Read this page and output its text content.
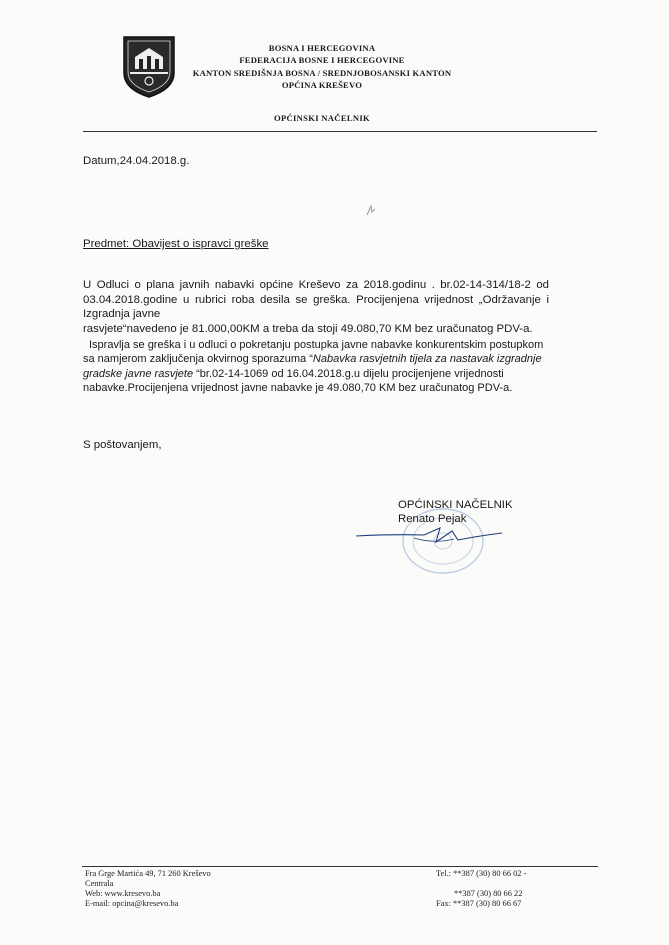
BOSNA I HERCEGOVINA
FEDERACIJA BOSNE I HERCEGOVINE
KANTON SREDIŠNJA BOSNA / SREDNJOBOSANSKI KANTON
OPĆINA KREŠEVO
OPĆINSKI NAČELNIK
Datum,24.04.2018.g.
Predmet: Obavijest o ispravci greške
U Odluci o plana javnih nabavki općine Kreševo za 2018.godinu . br.02-14-314/18-2 od 03.04.2018.godine u rubrici roba desila se greška. Procijenjena vrijednost „Održavanje i Izgradnja javne
rasvjete“navedeno je 81.000,00KM a treba da stoji 49.080,70 KM bez uračunatog PDV-a.
Ispravlja se greška i u odluci o pokretanju postupka javne nabavke konkurentskim postupkom sa namjerom zaključenja okvirnog sporazuma “Nabavka rasvjetnih tijela za nastavak izgradnje gradske javne rasvjete “br.02-14-1069 od 16.04.2018.g.u dijelu procijenjene vrijednosti nabavke.Procijenjena vrijednost javne nabavke je 49.080,70 KM bez uračunatog PDV-a.
S poštovanjem,
OPĆINSKI NAČELNIK
Renato Pejak
Fra Grge Martića 49, 71 260 Kreševo
Centrala
Web: www.kresevo.ba
E-mail: opcina@kresevo.ba
Tel.: **387 (30) 80 66 02 -
**387 (30) 80 66 22
Fax: **387 (30) 80 66 67
